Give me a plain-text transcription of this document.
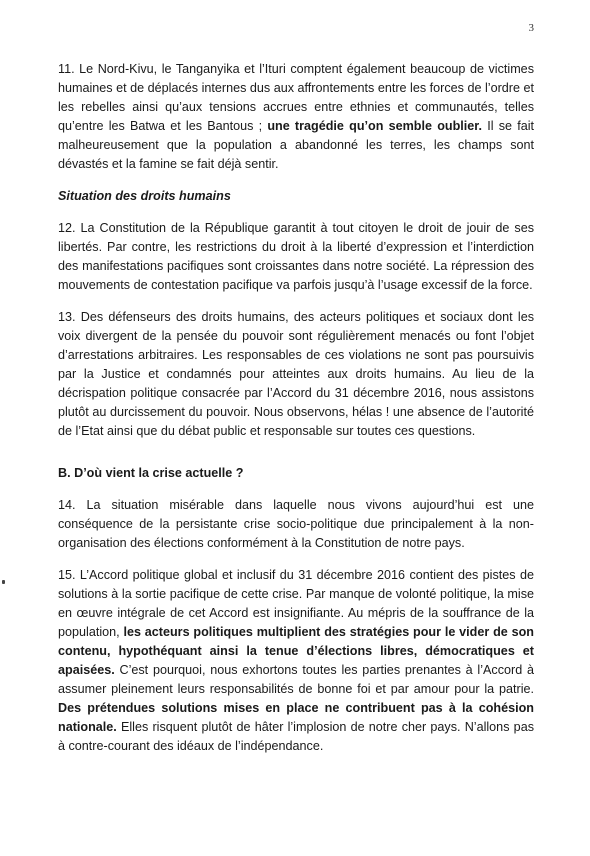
3

11. Le Nord-Kivu, le Tanganyika et l’Ituri comptent également beaucoup de victimes humaines et de déplacés internes dus aux affrontements entre les forces de l’ordre et les rebelles ainsi qu’aux tensions accrues entre ethnies et communautés, telles qu’entre les Batwa et les Bantous ; une tragédie qu’on semble oublier. Il se fait malheureusement que la population a abandonné les terres, les champs sont dévastés et la famine se fait déjà sentir.

Situation des droits humains

12. La Constitution de la République garantit à tout citoyen le droit de jouir de ses libertés. Par contre, les restrictions du droit à la liberté d’expression et l’interdiction des manifestations pacifiques sont croissantes dans notre société. La répression des mouvements de contestation pacifique va parfois jusqu’à l’usage excessif de la force.

13. Des défenseurs des droits humains, des acteurs politiques et sociaux dont les voix divergent de la pensée du pouvoir sont régulièrement menacés ou font l’objet d’arrestations arbitraires. Les responsables de ces violations ne sont pas poursuivis par la Justice et condamnés pour atteintes aux droits humains. Au lieu de la décrispation politique consacrée par l’Accord du 31 décembre 2016, nous assistons plutôt au durcissement du pouvoir. Nous observons, hélas ! une absence de l’autorité de l’Etat ainsi que du débat public et responsable sur toutes ces questions.

B. D’où vient la crise actuelle ?

14. La situation misérable dans laquelle nous vivons aujourd’hui est une conséquence de la persistante crise socio-politique due principalement à la non-organisation des élections conformément à la Constitution de notre pays.

15. L’Accord politique global et inclusif du 31 décembre 2016 contient des pistes de solutions à la sortie pacifique de cette crise. Par manque de volonté politique, la mise en œuvre intégrale de cet Accord est insignifiante. Au mépris de la souffrance de la population, les acteurs politiques multiplient des stratégies pour le vider de son contenu, hypothéquant ainsi la tenue d’élections libres, démocratiques et apaisées. C’est pourquoi, nous exhortons toutes les parties prenantes à l’Accord à assumer pleinement leurs responsabilités de bonne foi et par amour pour la patrie. Des prétendues solutions mises en place ne contribuent pas à la cohésion nationale. Elles risquent plutôt de hâter l’implosion de notre cher pays. N’allons pas à contre-courant des idéaux de l’indépendance.
